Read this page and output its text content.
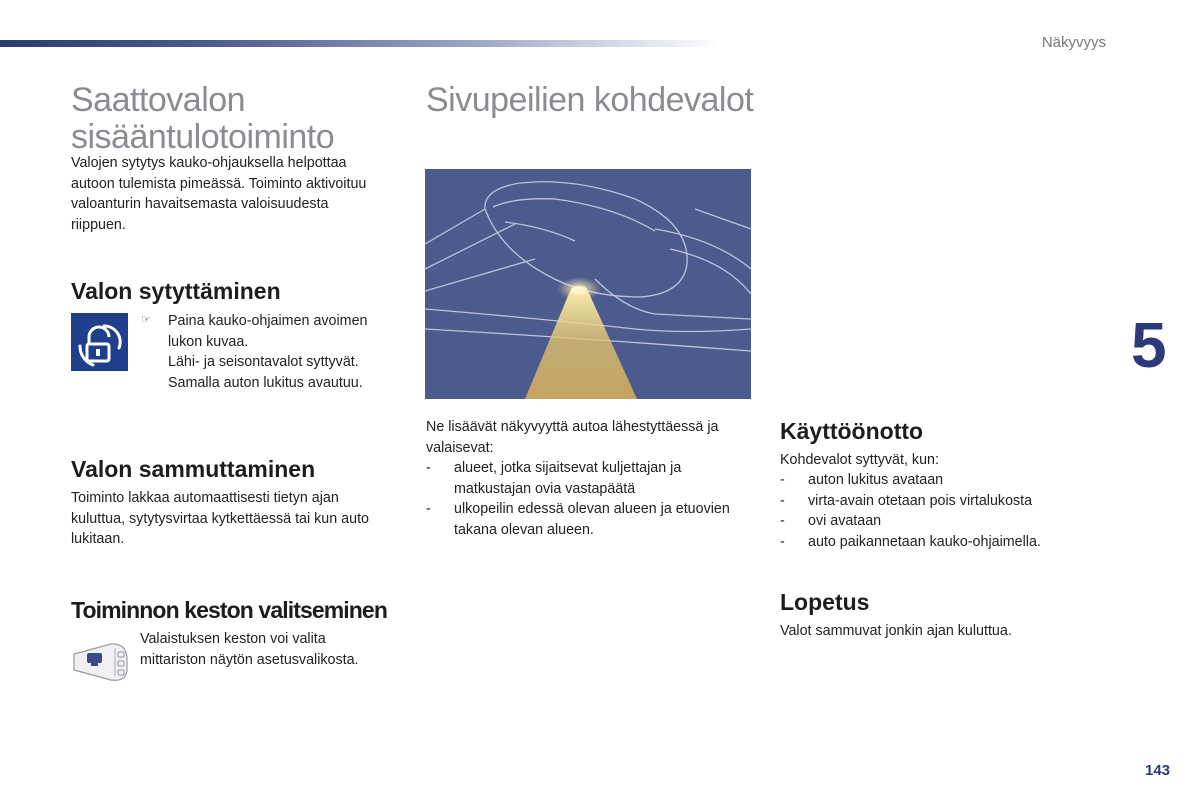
Näkyvyys
5
143
Saattovalon
sisääntulotoiminto
Valojen sytytys kauko-ohjauksella helpottaa
autoon tulemista pimeässä. Toiminto aktivoituu
valoanturin havaitsemasta valoisuudesta
riippuen.
Valon sytyttäminen
☞ Paina kauko-ohjaimen avoimen
lukon kuvaa.
Lähi- ja seisontavalot syttyvät.
Samalla auton lukitus avautuu.
Valon sammuttaminen
Toiminto lakkaa automaattisesti tietyn ajan
kuluttua, sytytysvirtaa kytkettäessä tai kun auto
lukitaan.
Toiminnon keston valitseminen
Valaistuksen keston voi valita
mittariston näytön asetusvalikosta.
Sivupeilien kohdevalot
Ne lisäävät näkyvyyttä autoa lähestyttäessä ja
valaisevat:
- alueet, jotka sijaitsevat kuljettajan ja
matkustajan ovia vastapäätä
- ulkopeilin edessä olevan alueen ja etuovien
takana olevan alueen.
Käyttöönotto
Kohdevalot syttyvät, kun:
- auton lukitus avataan
- virta-avain otetaan pois virtalukosta
- ovi avataan
- auto paikannetaan kauko-ohjaimella.
Lopetus
Valot sammuvat jonkin ajan kuluttua.
